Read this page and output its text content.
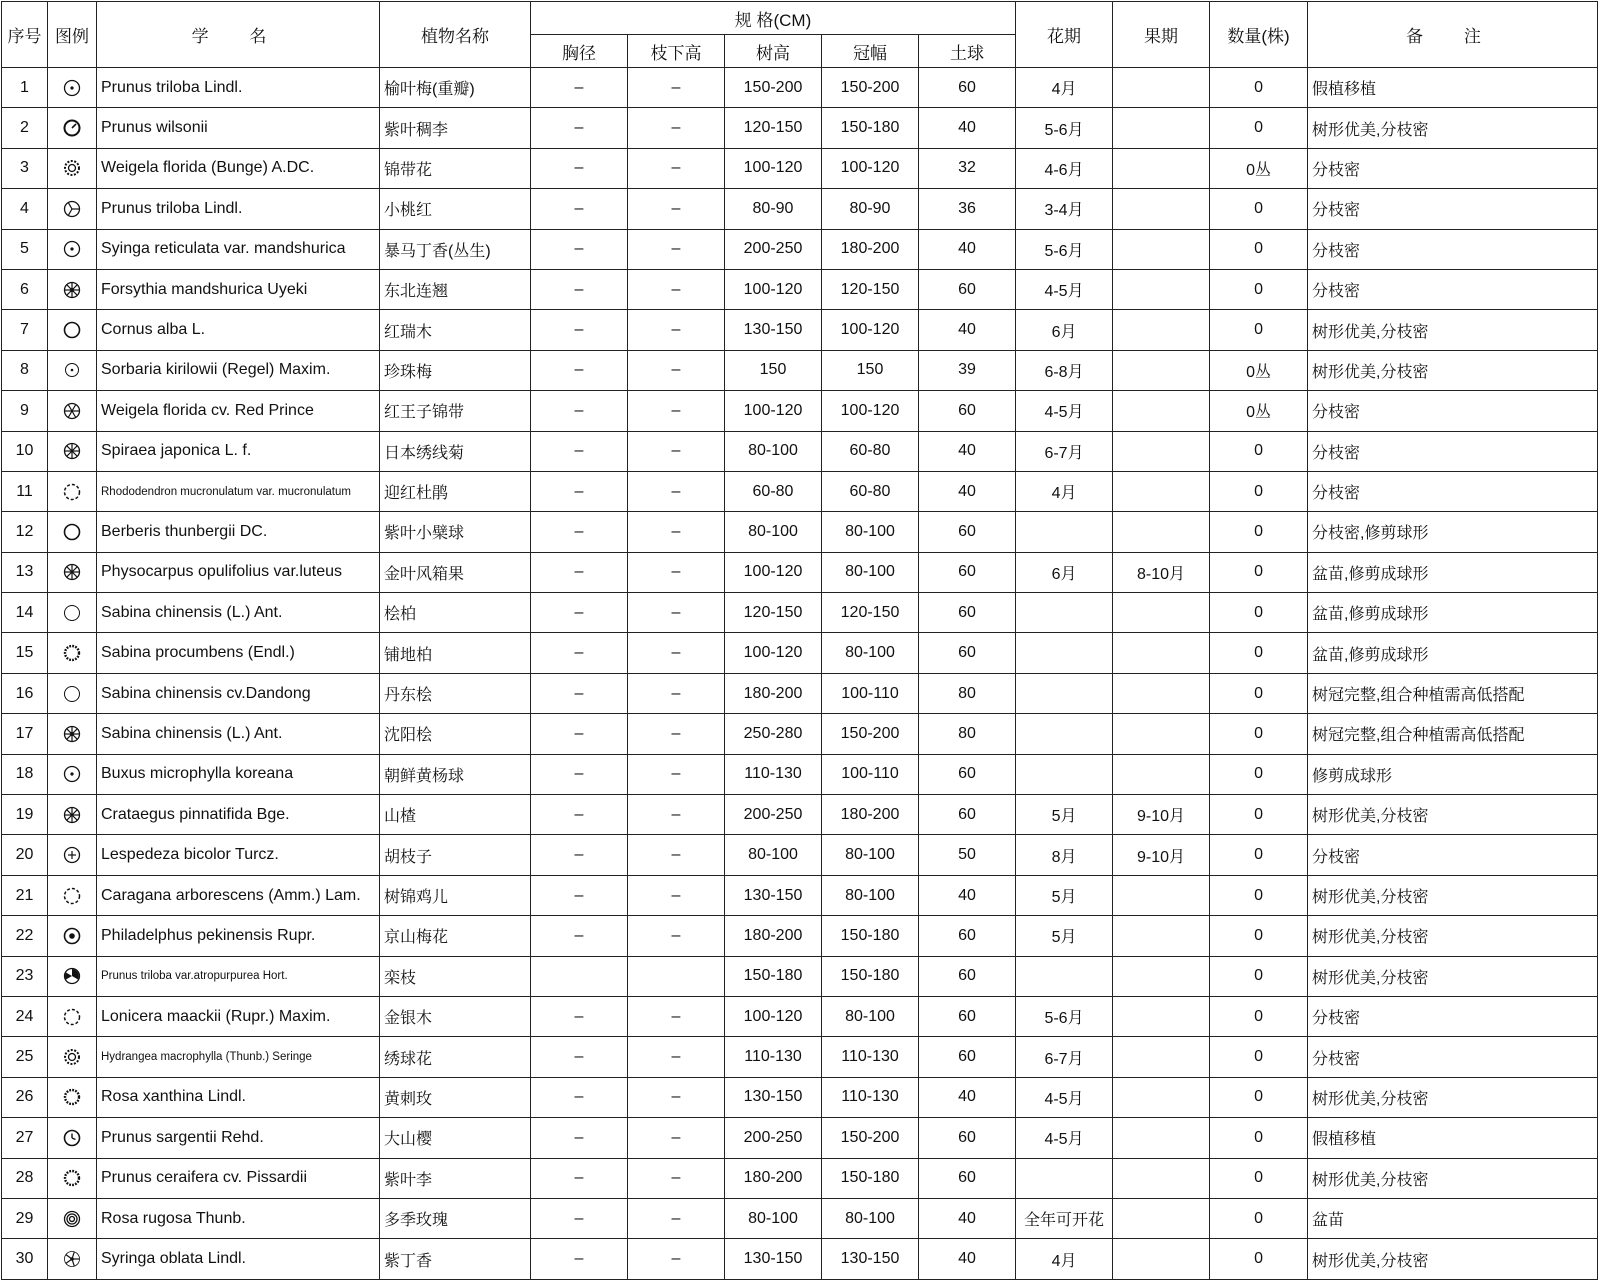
序号	图例	学 名	植物名称	规 格(CM)					花期	果期	数量(株)	备 注
				胸径	枝下高	树高	冠幅	土球				
1		Prunus triloba Lindl.	榆叶梅(重瓣)	–	–	150-200	150-200	60	4月		0	假植移植
2		Prunus wilsonii	紫叶稠李	–	–	120-150	150-180	40	5-6月		0	树形优美,分枝密
3		Weigela florida (Bunge) A.DC.	锦带花	–	–	100-120	100-120	32	4-6月		0丛	分枝密
4		Prunus triloba Lindl.	小桃红	–	–	80-90	80-90	36	3-4月		0	分枝密
5		Syinga reticulata var. mandshurica	暴马丁香(丛生)	–	–	200-250	180-200	40	5-6月		0	分枝密
6		Forsythia mandshurica Uyeki	东北连翘	–	–	100-120	120-150	60	4-5月		0	分枝密
7		Cornus alba L.	红瑞木	–	–	130-150	100-120	40	6月		0	树形优美,分枝密
8		Sorbaria kirilowii (Regel) Maxim.	珍珠梅	–	–	150	150	39	6-8月		0丛	树形优美,分枝密
9		Weigela florida cv. Red Prince	红王子锦带	–	–	100-120	100-120	60	4-5月		0丛	分枝密
10		Spiraea japonica L. f.	日本绣线菊	–	–	80-100	60-80	40	6-7月		0	分枝密
11		Rhododendron mucronulatum var. mucronulatum	迎红杜鹃	–	–	60-80	60-80	40	4月		0	分枝密
12		Berberis thunbergii DC.	紫叶小檗球	–	–	80-100	80-100	60			0	分枝密,修剪球形
13		Physocarpus opulifolius var.luteus	金叶风箱果	–	–	100-120	80-100	60	6月	8-10月	0	盆苗,修剪成球形
14		Sabina chinensis (L.) Ant.	桧柏	–	–	120-150	120-150	60			0	盆苗,修剪成球形
15		Sabina procumbens (Endl.)	铺地柏	–	–	100-120	80-100	60			0	盆苗,修剪成球形
16		Sabina chinensis cv.Dandong	丹东桧	–	–	180-200	100-110	80			0	树冠完整,组合种植需高低搭配
17		Sabina chinensis (L.) Ant.	沈阳桧	–	–	250-280	150-200	80			0	树冠完整,组合种植需高低搭配
18		Buxus microphylla koreana	朝鲜黄杨球	–	–	110-130	100-110	60			0	修剪成球形
19		Crataegus pinnatifida Bge.	山楂	–	–	200-250	180-200	60	5月	9-10月	0	树形优美,分枝密
20		Lespedeza bicolor Turcz.	胡枝子	–	–	80-100	80-100	50	8月	9-10月	0	分枝密
21		Caragana arborescens (Amm.) Lam.	树锦鸡儿	–	–	130-150	80-100	40	5月		0	树形优美,分枝密
22		Philadelphus pekinensis Rupr.	京山梅花	–	–	180-200	150-180	60	5月		0	树形优美,分枝密
23		Prunus triloba var.atropurpurea Hort.	栾枝			150-180	150-180	60			0	树形优美,分枝密
24		Lonicera maackii (Rupr.) Maxim.	金银木	–	–	100-120	80-100	60	5-6月		0	分枝密
25		Hydrangea macrophylla (Thunb.) Seringe	绣球花	–	–	110-130	110-130	60	6-7月		0	分枝密
26		Rosa xanthina Lindl.	黄刺玫	–	–	130-150	110-130	40	4-5月		0	树形优美,分枝密
27		Prunus sargentii Rehd.	大山樱	–	–	200-250	150-200	60	4-5月		0	假植移植
28		Prunus ceraifera cv. Pissardii	紫叶李	–	–	180-200	150-180	60			0	树形优美,分枝密
29		Rosa rugosa Thunb.	多季玫瑰	–	–	80-100	80-100	40	全年可开花		0	盆苗
30		Syringa oblata Lindl.	紫丁香	–	–	130-150	130-150	40	4月		0	树形优美,分枝密
